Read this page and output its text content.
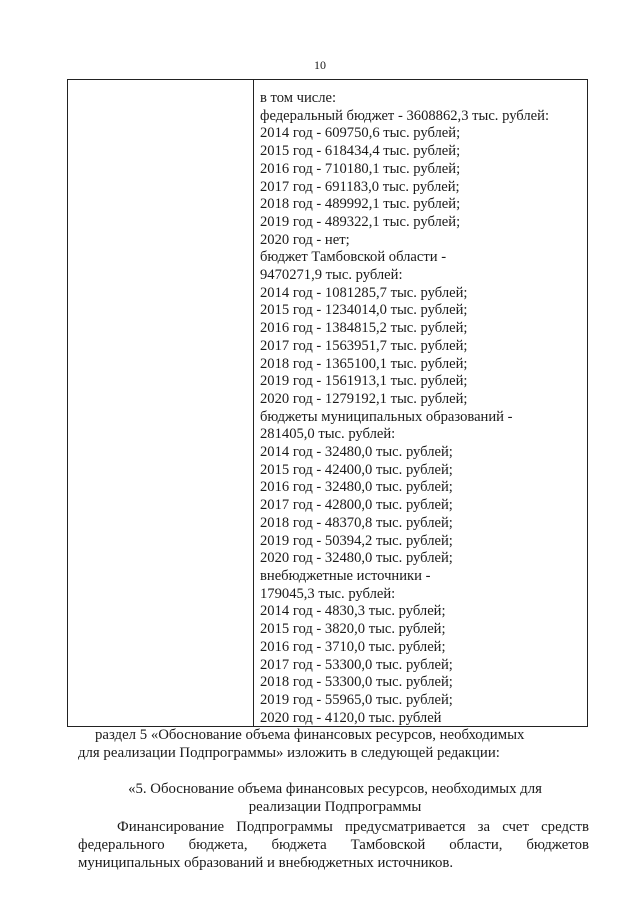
10
в том числе:
федеральный бюджет - 3608862,3 тыс. рублей:
2014 год - 609750,6 тыс. рублей;
2015 год - 618434,4 тыс. рублей;
2016 год - 710180,1 тыс. рублей;
2017 год - 691183,0 тыс. рублей;
2018 год - 489992,1 тыс. рублей;
2019 год - 489322,1 тыс. рублей;
2020 год - нет;
бюджет Тамбовской области -
9470271,9 тыс. рублей:
2014 год - 1081285,7 тыс. рублей;
2015 год - 1234014,0 тыс. рублей;
2016 год - 1384815,2 тыс. рублей;
2017 год - 1563951,7 тыс. рублей;
2018 год - 1365100,1 тыс. рублей;
2019 год - 1561913,1 тыс. рублей;
2020 год - 1279192,1 тыс. рублей;
бюджеты муниципальных образований -
281405,0 тыс. рублей:
2014 год - 32480,0 тыс. рублей;
2015 год - 42400,0 тыс. рублей;
2016 год - 32480,0 тыс. рублей;
2017 год - 42800,0 тыс. рублей;
2018 год - 48370,8 тыс. рублей;
2019 год - 50394,2 тыс. рублей;
2020 год - 32480,0 тыс. рублей;
внебюджетные источники -
179045,3 тыс. рублей:
2014 год - 4830,3 тыс. рублей;
2015 год - 3820,0 тыс. рублей;
2016 год - 3710,0 тыс. рублей;
2017 год - 53300,0 тыс. рублей;
2018 год - 53300,0 тыс. рублей;
2019 год - 55965,0 тыс. рублей;
2020 год - 4120,0 тыс. рублей

раздел 5 «Обоснование объема финансовых ресурсов, необходимых

для реализации Подпрограммы» изложить в следующей редакции:

«5. Обоснование объема финансовых ресурсов, необходимых для
реализации Подпрограммы

Финансирование Подпрограммы предусматривается за счет средств

федерального бюджета, бюджета Тамбовской области, бюджетов

муниципальных образований и внебюджетных источников.
